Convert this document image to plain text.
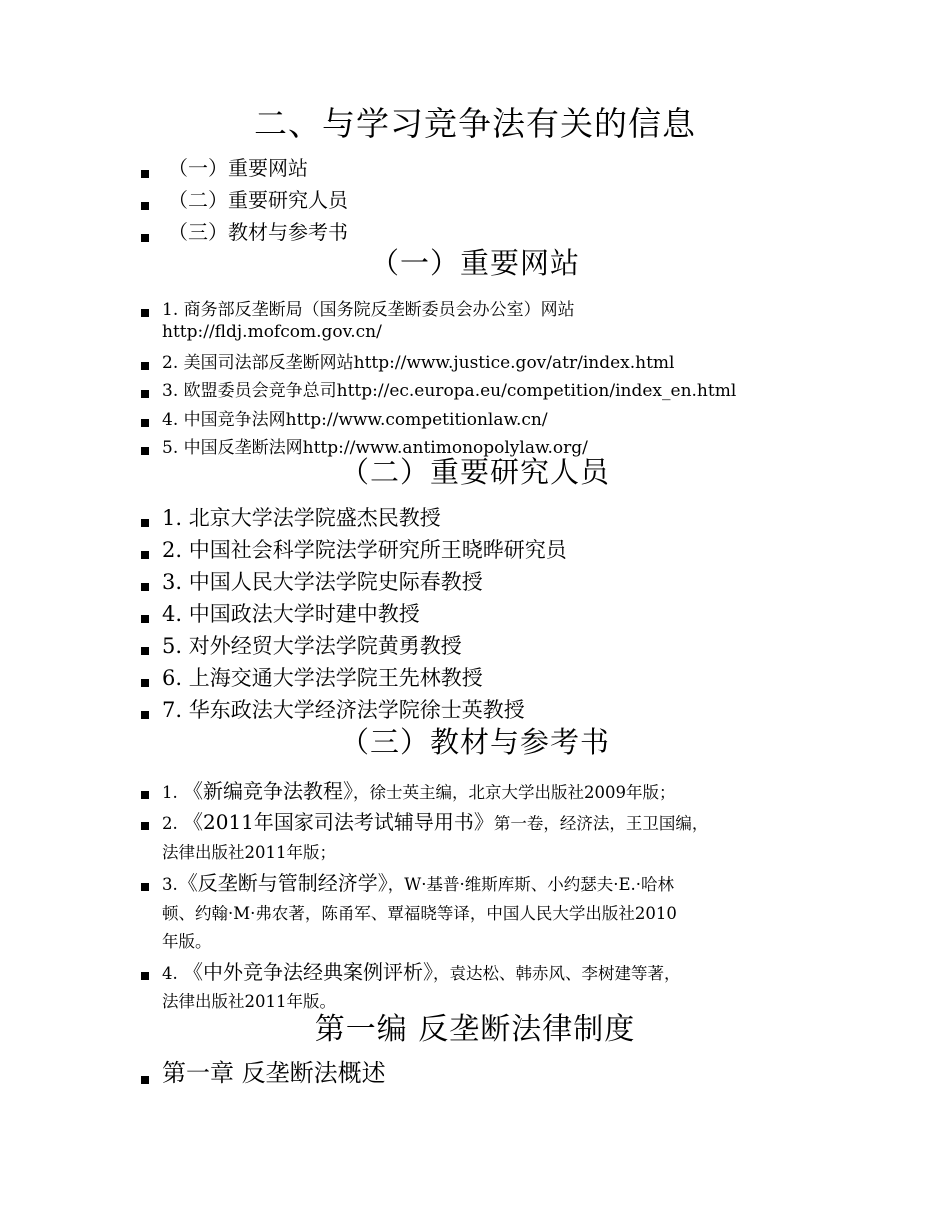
二、与学习竞争法有关的信息
（一）重要网站
（二）重要研究人员
（三）教材与参考书
（一）重要网站
1. 商务部反垄断局（国务院反垄断委员会办公室）网站
http://fldj.mofcom.gov.cn/
2. 美国司法部反垄断网站http://www.justice.gov/atr/index.html
3. 欧盟委员会竞争总司http://ec.europa.eu/competition/index_en.html
4. 中国竞争法网http://www.competitionlaw.cn/
5. 中国反垄断法网http://www.antimonopolylaw.org/
（二）重要研究人员
1. 北京大学法学院盛杰民教授
2. 中国社会科学院法学研究所王晓晔研究员
3. 中国人民大学法学院史际春教授
4. 中国政法大学时建中教授
5. 对外经贸大学法学院黄勇教授
6. 上海交通大学法学院王先林教授
7. 华东政法大学经济法学院徐士英教授
（三）教材与参考书
1. 《新编竞争法教程》，徐士英主编，北京大学出版社2009年版；
2. 《2011年国家司法考试辅导用书》第一卷，经济法，王卫国编，
法律出版社2011年版；
3.《反垄断与管制经济学》，W·基普·维斯库斯、小约瑟夫·E.·哈林
顿、约翰·M·弗农著，陈甬军、覃福晓等译，中国人民大学出版社2010
年版。
4. 《中外竞争法经典案例评析》，袁达松、韩赤风、李树建等著，
法律出版社2011年版。
第一编 反垄断法律制度
第一章 反垄断法概述
